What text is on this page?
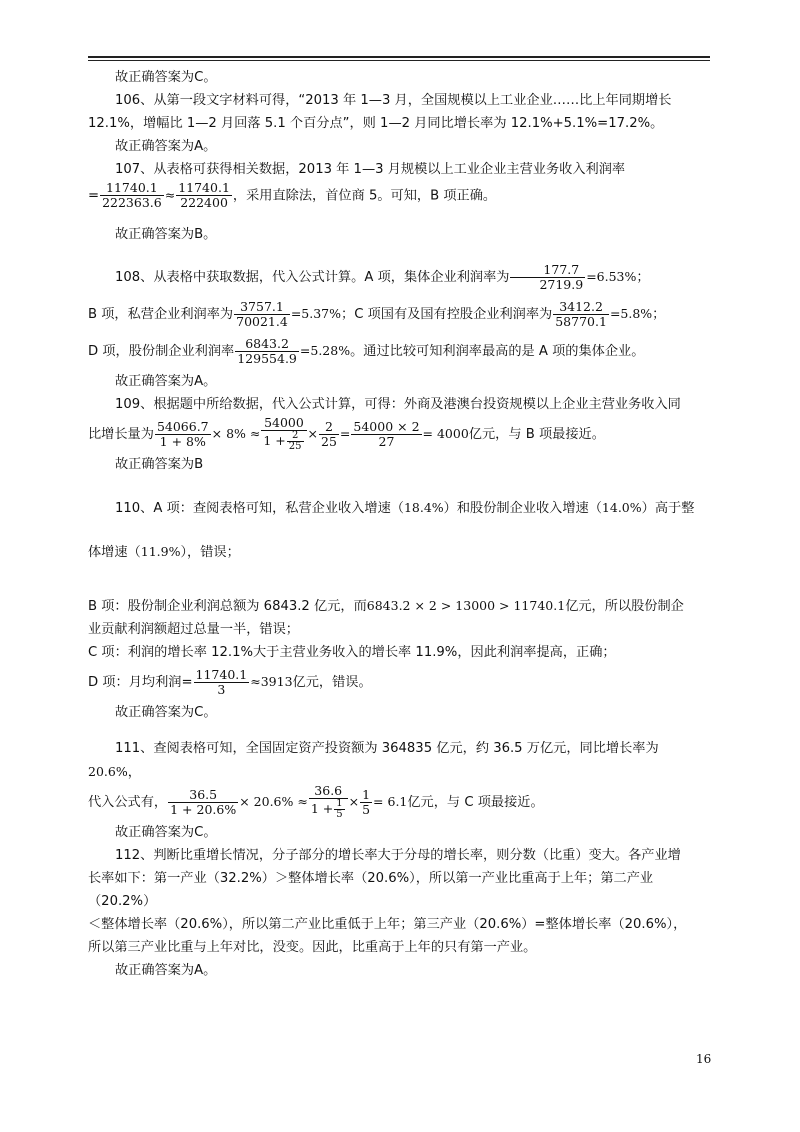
故正确答案为C。

106、从第一段文字材料可得，“2013 年 1—3 月，全国规模以上工业企业……比上年同期增长

12.1%，增幅比 1—2 月回落 5.1 个百分点”，则 1—2 月同比增长率为 12.1%+5.1%=17.2%。

故正确答案为A。

107、从表格可获得相关数据，2013 年 1—3 月规模以上工业企业主营业务收入利润率

= $\frac{11740.1}{222363.6} \approx \frac{11740.1}{222400}$ ，采用直除法，首位商 5。可知，B 项正确。

故正确答案为B。

108、从表格中获取数据，代入公式计算。A 项，集体企业利润率为 $\frac{177.7}{2719.9} =6.53\%$；

B 项，私营企业利润率为 $\frac{3757.1}{70021.4} =5.37\%$；C 项国有及国有控股企业利润率为 $\frac{3412.2}{58770.1} =5.8\%$；

D 项，股份制企业利润率 $\frac{6843.2}{129554.9} =5.28\%$。通过比较可知利润率最高的是 A 项的集体企业。

故正确答案为A。

109、根据题中所给数据，代入公式计算，可得：外商及港澳台投资规模以上企业主营业务收入同

比增长量为 $\frac{54066.7}{1 + 8\%} \times 8\% \approx \frac{54000}{1 + \frac{2}{25}} \times \frac{2}{25} = \frac{54000 \times 2}{27} = 4000$亿元，与 B 项最接近。

故正确答案为B

110、A 项：查阅表格可知，私营企业收入增速（18.4%）和股份制企业收入增速（14.0%）高于整

体增速（11.9%），错误；

B 项：股份制企业利润总额为 6843.2 亿元，而6843.2 × 2 > 13000 > 11740.1亿元，所以股份制企

业贡献利润额超过总量一半，错误；

C 项：利润的增长率 12.1%大于主营业务收入的增长率 11.9%，因此利润率提高，正确；

D 项：月均利润= $\frac{11740.1}{3} \approx 3913$亿元，错误。

故正确答案为C。

111、查阅表格可知，全国固定资产投资额为 364835 亿元，约 36.5 万亿元，同比增长率为20.6%，

代入公式有， $\frac{36.5}{1 + 20.6\%} \times 20.6\% \approx \frac{36.6}{1 + \frac{1}{5}} \times \frac{1}{5} = 6.1$亿元，与 C 项最接近。

故正确答案为C。

112、判断比重增长情况，分子部分的增长率大于分母的增长率，则分数（比重）变大。各产业增

长率如下：第一产业（32.2%）＞整体增长率（20.6%），所以第一产业比重高于上年；第二产业（20.2%）

＜整体增长率（20.6%），所以第二产业比重低于上年；第三产业（20.6%）=整体增长率（20.6%），

所以第三产业比重与上年对比，没变。因此，比重高于上年的只有第一产业。

故正确答案为A。

16
